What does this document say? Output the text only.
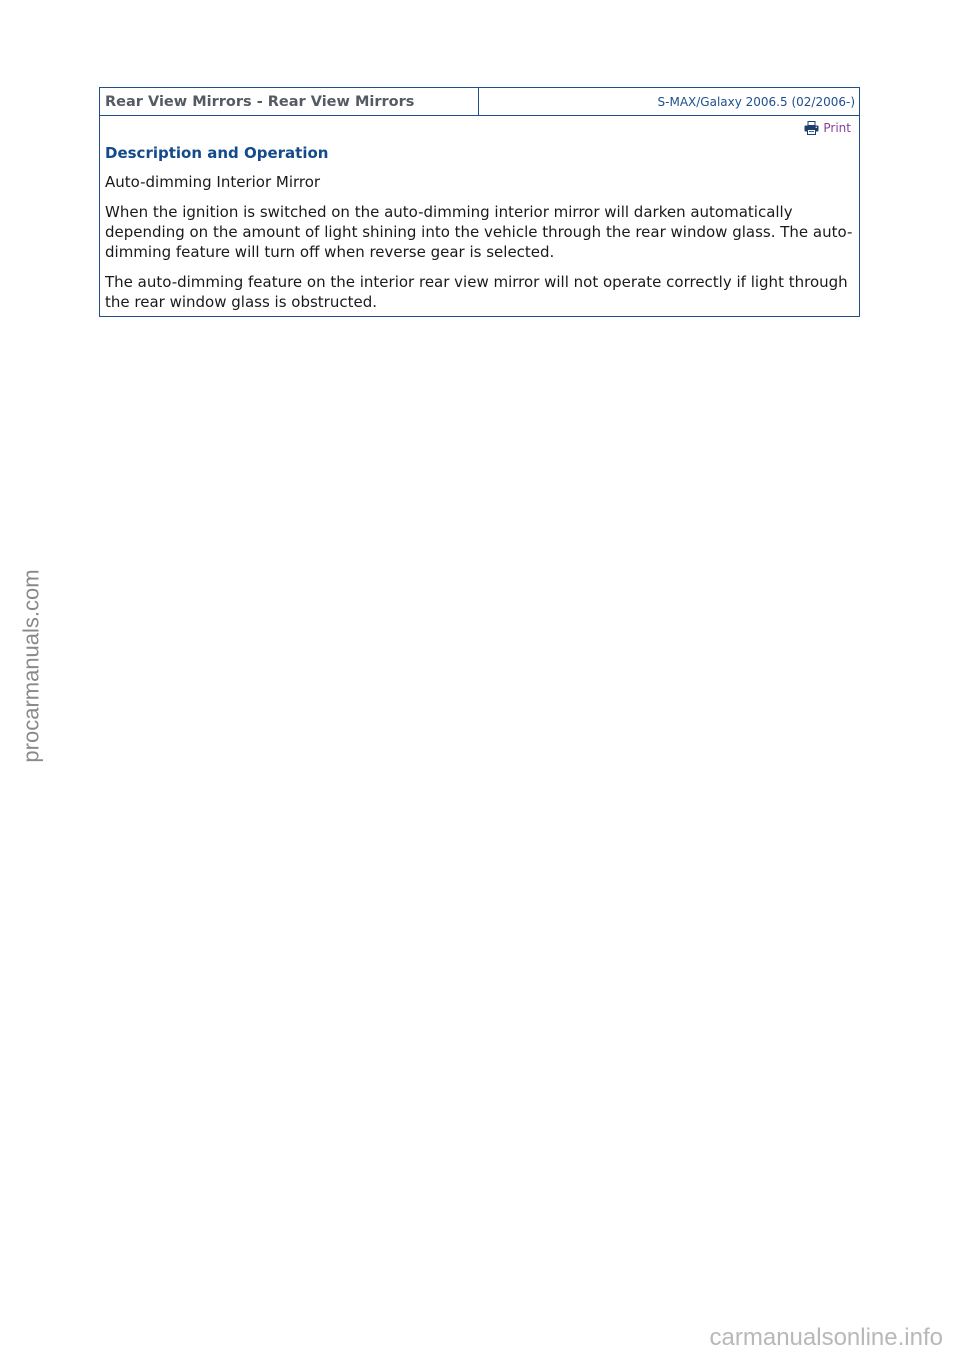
Rear View Mirrors - Rear View Mirrors	S-MAX/Galaxy 2006.5 (02/2006-)
Print
Description and Operation

Auto-dimming Interior Mirror

When the ignition is switched on the auto-dimming interior mirror will darken automatically depending on the amount of light shining into the vehicle through the rear window glass. The auto-dimming feature will turn off when reverse gear is selected.

The auto-dimming feature on the interior rear view mirror will not operate correctly if light through the rear window glass is obstructed.

procarmanuals.com
carmanualsonline.info
